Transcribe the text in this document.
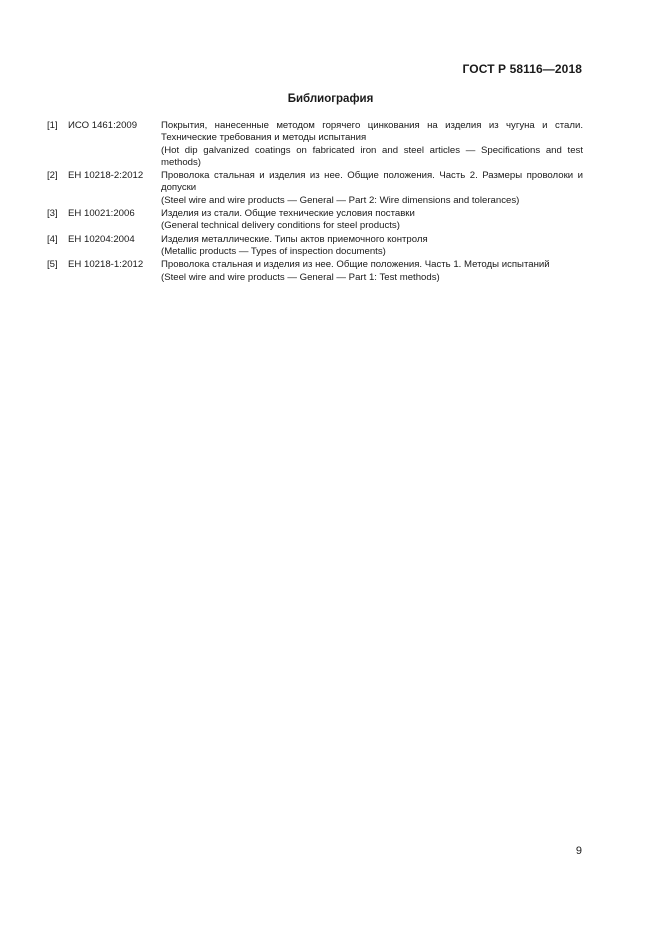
ГОСТ Р 58116—2018
Библиография
[1]	ИСО 1461:2009	Покрытия, нанесенные методом горячего цинкования на изделия из чугуна и стали. Технические требования и методы испытания
(Hot dip galvanized coatings on fabricated iron and steel articles — Specifications and test methods)
[2]	ЕН 10218-2:2012	Проволока стальная и изделия из нее. Общие положения. Часть 2. Размеры проволоки и допуски
(Steel wire and wire products — General — Part 2: Wire dimensions and tolerances)
[3]	ЕН 10021:2006	Изделия из стали. Общие технические условия поставки
(General technical delivery conditions for steel products)
[4]	ЕН 10204:2004	Изделия металлические. Типы актов приемочного контроля
(Metallic products — Types of inspection documents)
[5]	ЕН 10218-1:2012	Проволока стальная и изделия из нее. Общие положения. Часть 1. Методы испытаний
(Steel wire and wire products — General — Part 1: Test methods)
9
